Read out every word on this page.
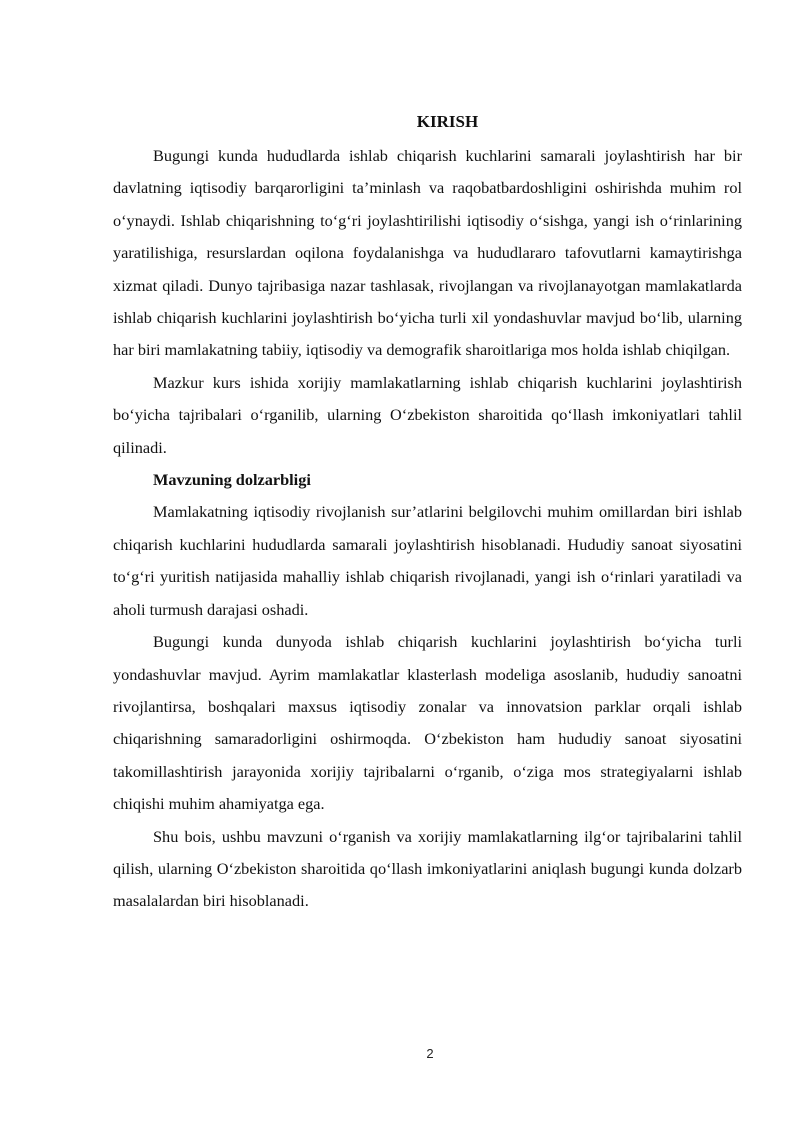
KIRISH

Bugungi kunda hududlarda ishlab chiqarish kuchlarini samarali joylashtirish har bir davlatning iqtisodiy barqarorligini ta’minlash va raqobatbardoshligini oshirishda muhim rol o‘ynaydi. Ishlab chiqarishning to‘g‘ri joylashtirilishi iqtisodiy o‘sishga, yangi ish o‘rinlarining yaratilishiga, resurslardan oqilona foydalanishga va hududlararo tafovutlarni kamaytirishga xizmat qiladi. Dunyo tajribasiga nazar tashlasak, rivojlangan va rivojlanayotgan mamlakatlarda ishlab chiqarish kuchlarini joylashtirish bo‘yicha turli xil yondashuvlar mavjud bo‘lib, ularning har biri mamlakatning tabiiy, iqtisodiy va demografik sharoitlariga mos holda ishlab chiqilgan.

Mazkur kurs ishida xorijiy mamlakatlarning ishlab chiqarish kuchlarini joylashtirish bo‘yicha tajribalari o‘rganilib, ularning O‘zbekiston sharoitida qo‘llash imkoniyatlari tahlil qilinadi.

Mavzuning dolzarbligi

Mamlakatning iqtisodiy rivojlanish sur’atlarini belgilovchi muhim omillardan biri ishlab chiqarish kuchlarini hududlarda samarali joylashtirish hisoblanadi. Hududiy sanoat siyosatini to‘g‘ri yuritish natijasida mahalliy ishlab chiqarish rivojlanadi, yangi ish o‘rinlari yaratiladi va aholi turmush darajasi oshadi.

Bugungi kunda dunyoda ishlab chiqarish kuchlarini joylashtirish bo‘yicha turli yondashuvlar mavjud. Ayrim mamlakatlar klasterlash modeliga asoslanib, hududiy sanoatni rivojlantirsa, boshqalari maxsus iqtisodiy zonalar va innovatsion parklar orqali ishlab chiqarishning samaradorligini oshirmoqda. O‘zbekiston ham hududiy sanoat siyosatini takomillashtirish jarayonida xorijiy tajribalarni o‘rganib, o‘ziga mos strategiyalarni ishlab chiqishi muhim ahamiyatga ega.

Shu bois, ushbu mavzuni o‘rganish va xorijiy mamlakatlarning ilg‘or tajribalarini tahlil qilish, ularning O‘zbekiston sharoitida qo‘llash imkoniyatlarini aniqlash bugungi kunda dolzarb masalalardan biri hisoblanadi.

2
